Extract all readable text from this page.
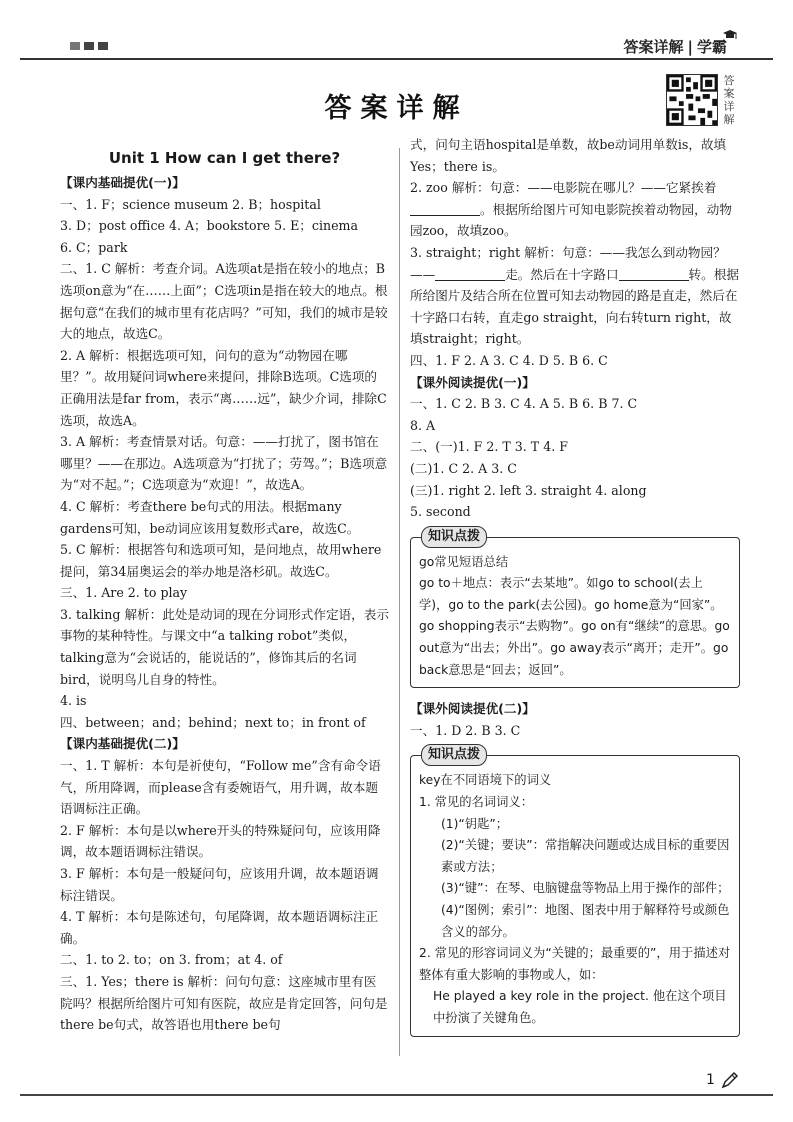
答案详解 | 学霸
答案详解
答案详解
Unit 1 How can I get there?

【课内基础提优(一)】

一、1. F；science museum 2. B；hospital

3. D；post office 4. A；bookstore 5. E；cinema

6. C；park

二、1. C 解析：考查介词。A选项at是指在较小的地点；B选项on意为“在……上面”；C选项in是指在较大的地点。根据句意“在我们的城市里有花店吗？”可知，我们的城市是较大的地点，故选C。

2. A 解析：根据选项可知，问句的意为“动物园在哪里？”。故用疑问词where来提问，排除B选项。C选项的正确用法是far from，表示“离……远”，缺少介词，排除C选项，故选A。

3. A 解析：考查情景对话。句意：——打扰了，图书馆在哪里？——在那边。A选项意为“打扰了；劳驾。”；B选项意为“对不起。”；C选项意为“欢迎！”，故选A。

4. C 解析：考查there be句式的用法。根据many gardens可知，be动词应该用复数形式are，故选C。

5. C 解析：根据答句和选项可知，是问地点，故用where提问，第34届奥运会的举办地是洛杉矶。故选C。

三、1. Are 2. to play

3. talking 解析：此处是动词的现在分词形式作定语，表示事物的某种特性。与课文中“a talking robot”类似，talking意为“会说话的，能说话的”，修饰其后的名词bird，说明鸟儿自身的特性。

4. is

四、between；and；behind；next to；in front of

【课内基础提优(二)】

一、1. T 解析：本句是祈使句，“Follow me”含有命令语气，所用降调，而please含有委婉语气，用升调，故本题语调标注正确。

2. F 解析：本句是以where开头的特殊疑问句，应该用降调，故本题语调标注错误。

3. F 解析：本句是一般疑问句，应该用升调，故本题语调标注错误。

4. T 解析：本句是陈述句，句尾降调，故本题语调标注正确。

二、1. to 2. to；on 3. from；at 4. of

三、1. Yes；there is 解析：问句句意：这座城市里有医院吗？根据所给图片可知有医院，故应是肯定回答，问句是there be句式，故答语也用there be句

式，问句主语hospital是单数，故be动词用单数is，故填Yes；there is。

2. zoo 解析：句意：——电影院在哪儿？——它紧挨着。根据所给图片可知电影院挨着动物园，动物园zoo，故填zoo。

3. straight；right 解析：句意：——我怎么到动物园？——	走。然后在十字路口	转。根据所给图片及结合所在位置可知去动物园的路是直走，然后在十字路口右转，直走go straight，向右转turn right，故填straight；right。

四、1. F 2. A 3. C 4. D 5. B 6. C

【课外阅读提优(一)】

一、1. C 2. B 3. C 4. A 5. B 6. B 7. C

8. A

二、(一)1. F 2. T 3. T 4. F

(二)1. C 2. A 3. C

(三)1. right 2. left 3. straight 4. along

5. second

知识点拨

go常见短语总结

go to＋地点：表示“去某地”。如go to school(去上学)，go to the park(去公园)。go home意为“回家”。go shopping表示“去购物”。go on有“继续”的意思。go out意为“出去；外出”。go away表示“离开；走开”。go back意思是“回去；返回”。

【课外阅读提优(二)】

一、1. D 2. B 3. C

知识点拨

key在不同语境下的词义

1. 常见的名词词义：

(1)“钥匙”；

(2)“关键；要诀”：常指解决问题或达成目标的重要因素或方法；

(3)“键”：在琴、电脑键盘等物品上用于操作的部件；

(4)“图例；索引”：地图、图表中用于解释符号或颜色含义的部分。

2. 常见的形容词词义为“关键的；最重要的”，用于描述对整体有重大影响的事物或人，如：

He played a key role in the project. 他在这个项目中扮演了关键角色。

1
